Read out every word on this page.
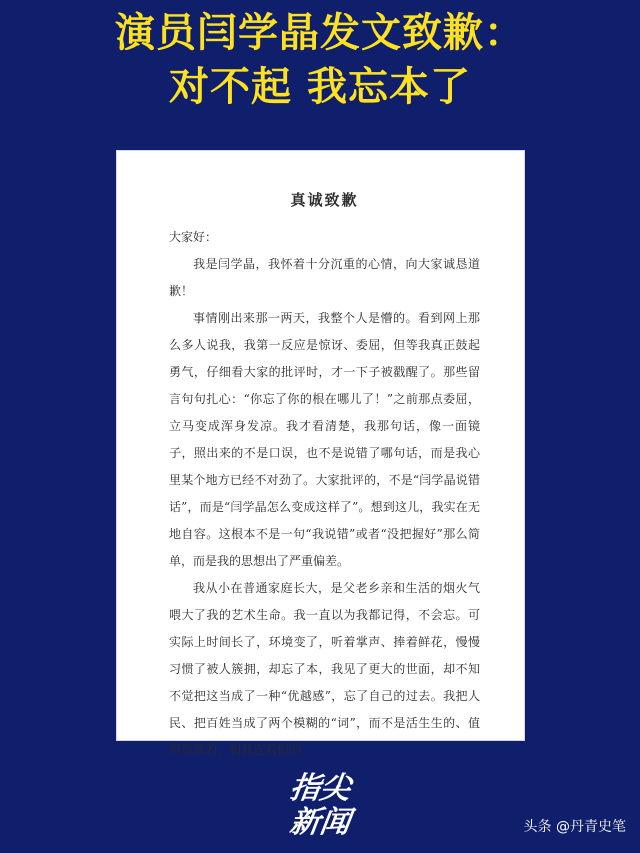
演员闫学晶发文致歉：
对不起 我忘本了
真诚致歉

大家好：

我是闫学晶，我怀着十分沉重的心情，向大家诚恳道歉！

事情刚出来那一两天，我整个人是懵的。看到网上那么多人说我，我第一反应是惊讶、委屈，但等我真正鼓起勇气，仔细看大家的批评时，才一下子被戳醒了。那些留言句句扎心：“你忘了你的根在哪儿了！”之前那点委屈，立马变成浑身发凉。我才看清楚，我那句话，像一面镜子，照出来的不是口误，也不是说错了哪句话，而是我心里某个地方已经不对劲了。大家批评的，不是“闫学晶说错话”，而是“闫学晶怎么变成这样了”。想到这儿，我实在无地自容。这根本不是一句“我说错”或者“没把握好”那么简单，而是我的思想出了严重偏差。

我从小在普通家庭长大，是父老乡亲和生活的烟火气喂大了我的艺术生命。我一直以为我都记得，不会忘。可实际上时间长了，环境变了，听着掌声、捧着鲜花，慢慢习惯了被人簇拥，却忘了本，我见了更大的世面，却不知不觉把这当成了一种“优越感”，忘了自己的过去。我把人民、把百姓当成了两个模糊的“词”，而不是活生生的、值得尊敬的、和我连着根的

指尖
新闻	头条 @丹青史笔
